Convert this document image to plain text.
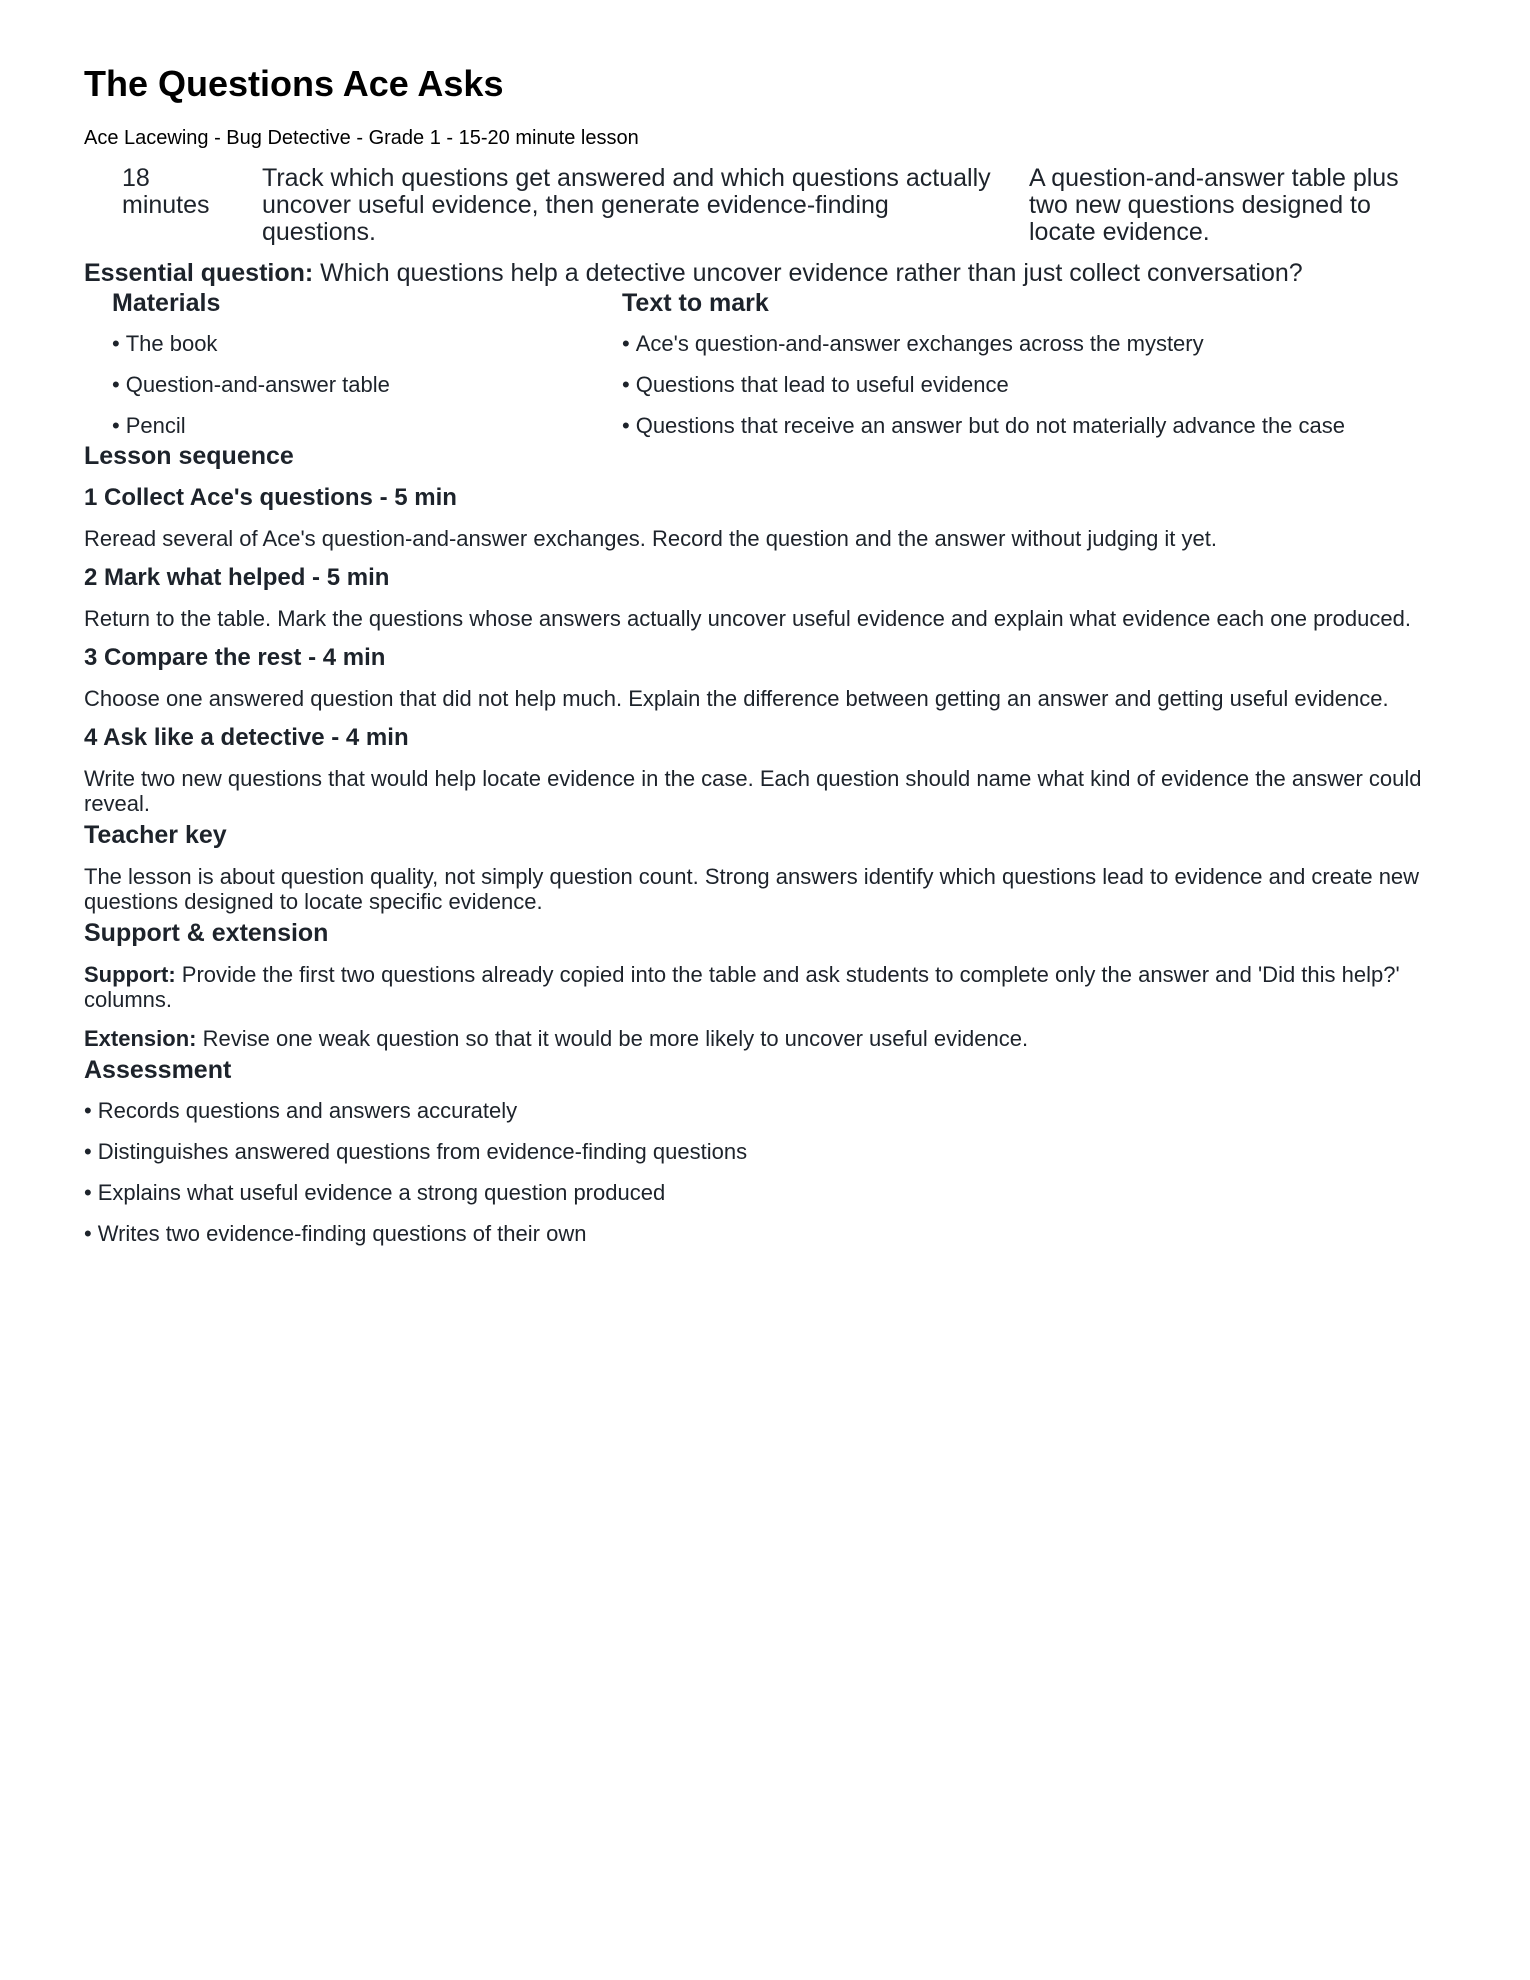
The Questions Ace Asks
Ace Lacewing - Bug Detective - Grade 1 - 15-20 minute lesson
18 minutes
Track which questions get answered and which questions actually uncover useful evidence, then generate evidence-finding questions.
A question-and-answer table plus two new questions designed to locate evidence.
Essential question: Which questions help a detective uncover evidence rather than just collect conversation?
Materials
• The book
• Question-and-answer table
• Pencil
Text to mark
• Ace's question-and-answer exchanges across the mystery
• Questions that lead to useful evidence
• Questions that receive an answer but do not materially advance the case
Lesson sequence
1 Collect Ace's questions - 5 min
Reread several of Ace's question-and-answer exchanges. Record the question and the answer without judging it yet.
2 Mark what helped - 5 min
Return to the table. Mark the questions whose answers actually uncover useful evidence and explain what evidence each one produced.
3 Compare the rest - 4 min
Choose one answered question that did not help much. Explain the difference between getting an answer and getting useful evidence.
4 Ask like a detective - 4 min
Write two new questions that would help locate evidence in the case. Each question should name what kind of evidence the answer could reveal.
Teacher key
The lesson is about question quality, not simply question count. Strong answers identify which questions lead to evidence and create new questions designed to locate specific evidence.
Support & extension
Support: Provide the first two questions already copied into the table and ask students to complete only the answer and 'Did this help?' columns.
Extension: Revise one weak question so that it would be more likely to uncover useful evidence.
Assessment
• Records questions and answers accurately
• Distinguishes answered questions from evidence-finding questions
• Explains what useful evidence a strong question produced
• Writes two evidence-finding questions of their own
